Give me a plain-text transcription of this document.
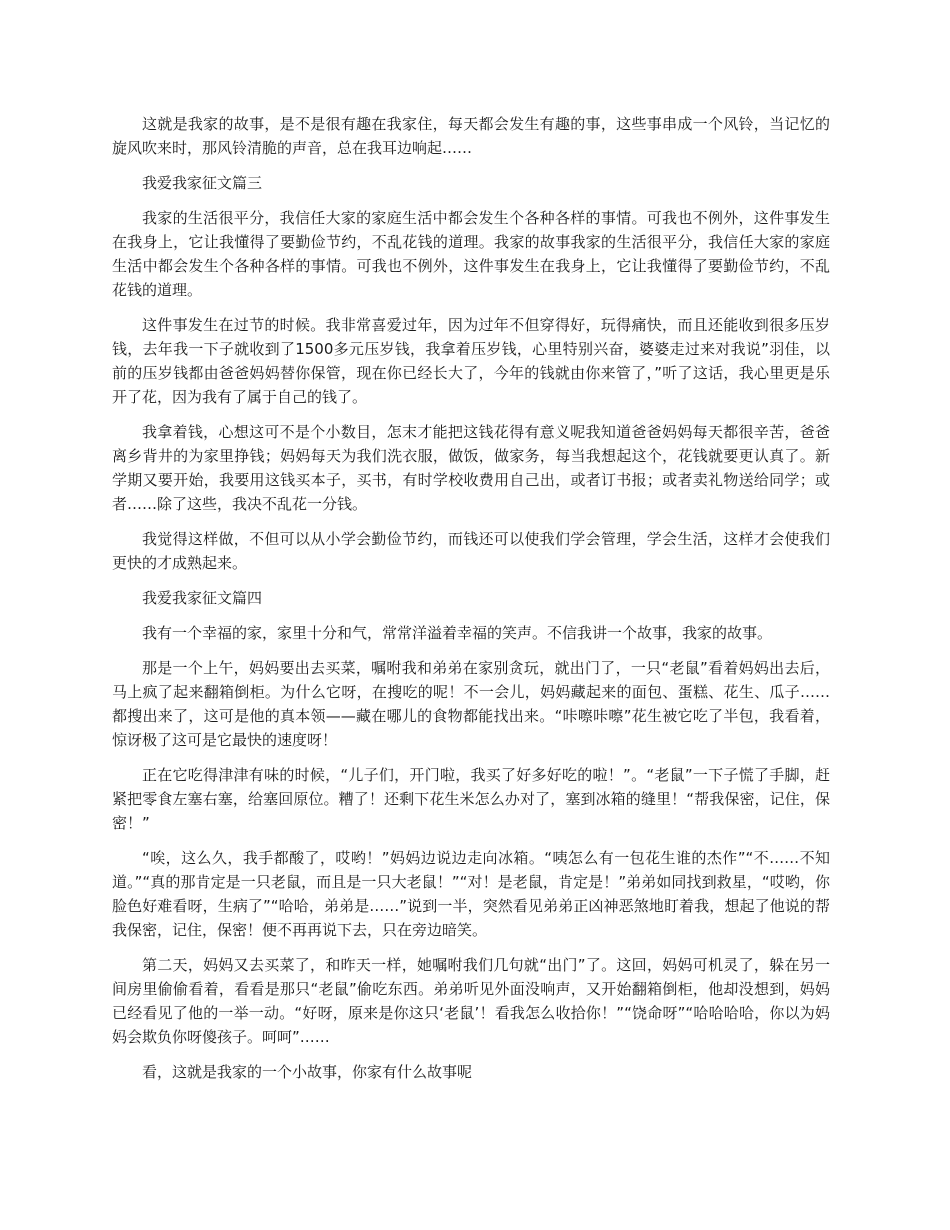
这就是我家的故事，是不是很有趣在我家住，每天都会发生有趣的事，这些事串成一个风铃，当记忆的旋风吹来时，那风铃清脆的声音，总在我耳边响起……

我爱我家征文篇三

我家的生活很平分，我信任大家的家庭生活中都会发生个各种各样的事情。可我也不例外，这件事发生在我身上，它让我懂得了要勤俭节约，不乱花钱的道理。我家的故事我家的生活很平分，我信任大家的家庭生活中都会发生个各种各样的事情。可我也不例外，这件事发生在我身上，它让我懂得了要勤俭节约，不乱花钱的道理。

这件事发生在过节的时候。我非常喜爱过年，因为过年不但穿得好，玩得痛快，而且还能收到很多压岁钱，去年我一下子就收到了1500多元压岁钱，我拿着压岁钱，心里特别兴奋，婆婆走过来对我说”羽佳，以前的压岁钱都由爸爸妈妈替你保管，现在你已经长大了，今年的钱就由你来管了，”听了这话，我心里更是乐开了花，因为我有了属于自己的钱了。

我拿着钱，心想这可不是个小数目，怎末才能把这钱花得有意义呢我知道爸爸妈妈每天都很辛苦，爸爸离乡背井的为家里挣钱；妈妈每天为我们洗衣服，做饭，做家务，每当我想起这个，花钱就要更认真了。新学期又要开始，我要用这钱买本子，买书，有时学校收费用自己出，或者订书报；或者卖礼物送给同学；或者……除了这些，我决不乱花一分钱。

我觉得这样做，不但可以从小学会勤俭节约，而钱还可以使我们学会管理，学会生活，这样才会使我们更快的才成熟起来。

我爱我家征文篇四

我有一个幸福的家，家里十分和气，常常洋溢着幸福的笑声。不信我讲一个故事，我家的故事。

那是一个上午，妈妈要出去买菜，嘱咐我和弟弟在家别贪玩，就出门了，一只“老鼠”看着妈妈出去后，马上疯了起来翻箱倒柜。为什么它呀，在搜吃的呢！不一会儿，妈妈藏起来的面包、蛋糕、花生、瓜子……都搜出来了，这可是他的真本领——藏在哪儿的食物都能找出来。“咔嚓咔嚓”花生被它吃了半包，我看着，惊讶极了这可是它最快的速度呀！

正在它吃得津津有味的时候，“儿子们，开门啦，我买了好多好吃的啦！”。“老鼠”一下子慌了手脚，赶紧把零食左塞右塞，给塞回原位。糟了！还剩下花生米怎么办对了，塞到冰箱的缝里！“帮我保密，记住，保密！”

“唉，这么久，我手都酸了，哎哟！”妈妈边说边走向冰箱。“咦怎么有一包花生谁的杰作”“不……不知道。”“真的那肯定是一只老鼠，而且是一只大老鼠！”“对！是老鼠，肯定是！”弟弟如同找到救星，“哎哟，你脸色好难看呀，生病了”“哈哈，弟弟是……”说到一半，突然看见弟弟正凶神恶煞地盯着我，想起了他说的帮我保密，记住，保密！便不再再说下去，只在旁边暗笑。

第二天，妈妈又去买菜了，和昨天一样，她嘱咐我们几句就“出门”了。这回，妈妈可机灵了，躲在另一间房里偷偷看着，看看是那只“老鼠”偷吃东西。弟弟听见外面没响声，又开始翻箱倒柜，他却没想到，妈妈已经看见了他的一举一动。“好呀，原来是你这只‘老鼠’！看我怎么收拾你！”“饶命呀”“哈哈哈哈，你以为妈妈会欺负你呀傻孩子。呵呵”……

看，这就是我家的一个小故事，你家有什么故事呢
